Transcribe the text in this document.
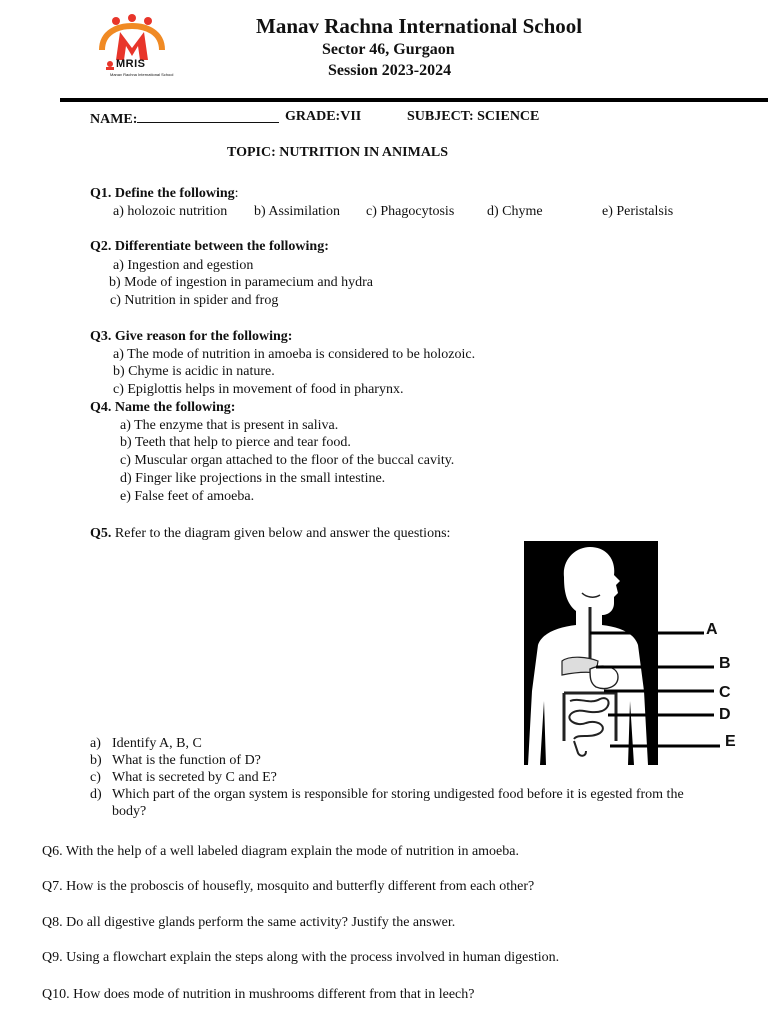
MRIS
Manav Rachna International School
Manav Rachna International School
Sector 46, Gurgaon
Session 2023-2024
NAME:	GRADE:VII	SUBJECT: SCIENCE
TOPIC: NUTRITION IN ANIMALS
Q1. Define the following:
a) holozoic nutrition b) Assimilation c) Phagocytosis d) Chyme	e) Peristalsis
Q2. Differentiate between the following:
a) Ingestion and egestion
b) Mode of ingestion in paramecium and hydra
c) Nutrition in spider and frog
Q3. Give reason for the following:
a) The mode of nutrition in amoeba is considered to be holozoic.
b) Chyme is acidic in nature.
c) Epiglottis helps in movement of food in pharynx.
Q4. Name the following:
a) The enzyme that is present in saliva.
b) Teeth that help to pierce and tear food.
c) Muscular organ attached to the floor of the buccal cavity.
d) Finger like projections in the small intestine.
e) False feet of amoeba.
Q5. Refer to the diagram given below and answer the questions:
A
B
C
D
E
a) Identify A, B, C
b) What is the function of D?
c) What is secreted by C and E?
d) Which part of the organ system is responsible for storing undigested food before it is egested from the body?
Q6. With the help of a well labeled diagram explain the mode of nutrition in amoeba.
Q7. How is the proboscis of housefly, mosquito and butterfly different from each other?
Q8. Do all digestive glands perform the same activity? Justify the answer.
Q9. Using a flowchart explain the steps along with the process involved in human digestion.
Q10. How does mode of nutrition in mushrooms different from that in leech?
